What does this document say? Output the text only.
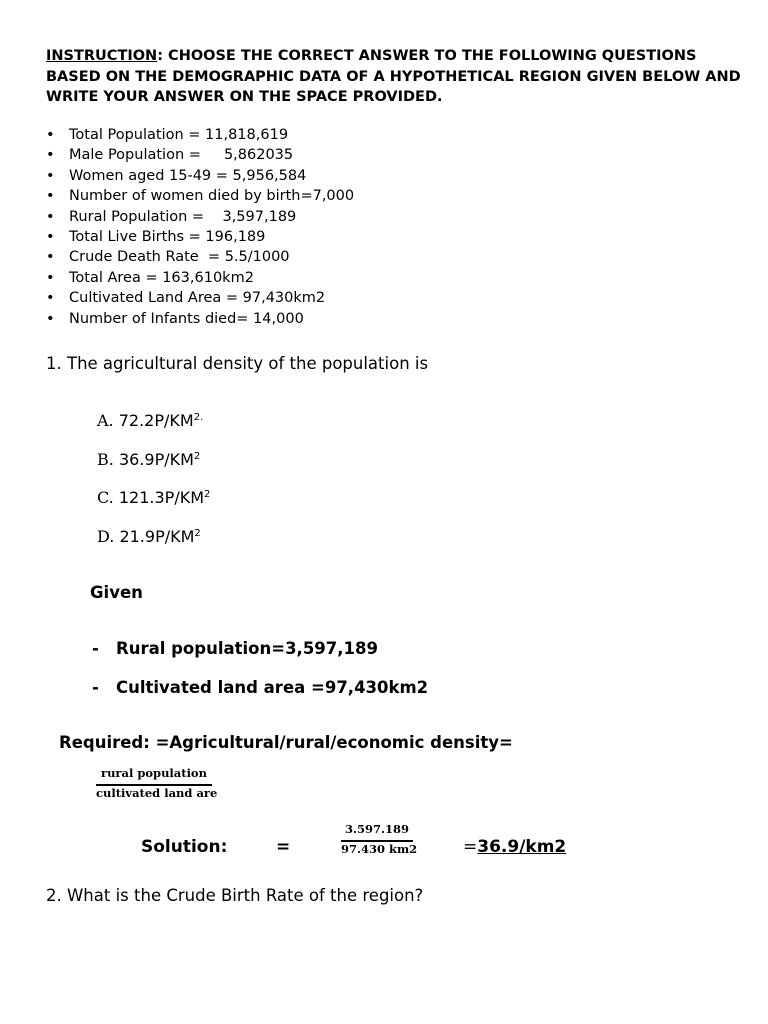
INSTRUCTION: CHOOSE THE CORRECT ANSWER TO THE FOLLOWING QUESTIONS BASED ON THE DEMOGRAPHIC DATA OF A HYPOTHETICAL REGION GIVEN BELOW AND WRITE YOUR ANSWER ON THE SPACE PROVIDED.
• Total Population = 11,818,619
• Male Population =     5,862035
• Women aged 15-49 = 5,956,584
• Number of women died by birth=7,000
• Rural Population =    3,597,189
• Total Live Births = 196,189
• Crude Death Rate  = 5.5/1000
• Total Area = 163,610km2
• Cultivated Land Area = 97,430km2
• Number of Infants died= 14,000
1. The agricultural density of the population is
A. $72.2P/KM^{2.}$
B. $36.9P/KM^2$
C. $121.3P/KM^2$
D. $21.9P/KM^2$
Given
- Rural population=3,597,189
- Cultivated land area =97,430km2
Required: =Agricultural/rural/economic density=
rural population
cultivated land are
Solution:	=
3.597.189
97.430 km2	=36.9/km2
2. What is the Crude Birth Rate of the region?
